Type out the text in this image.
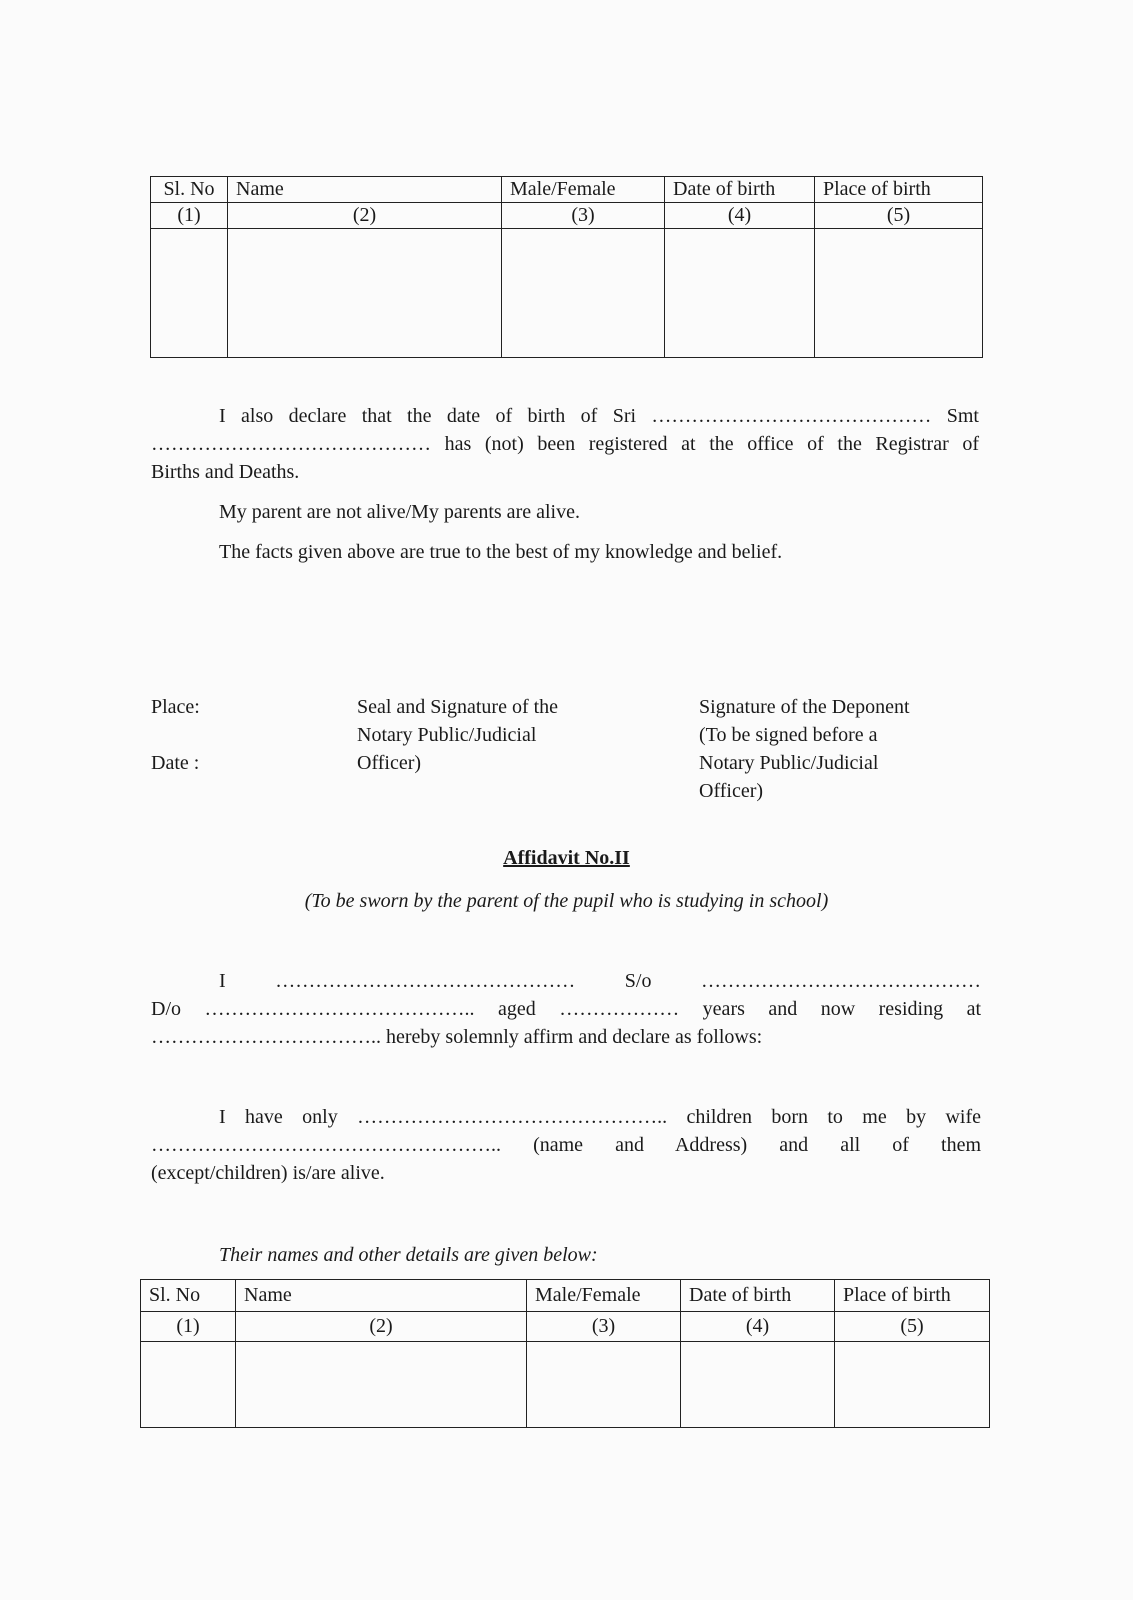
Sl. No	Name	Male/Female	Date of birth	Place of birth
(1)	(2)	(3)	(4)	(5)

I also declare that the date of birth of Sri …………………………………… Smt
…………………………………… has (not) been registered at the office of the Registrar of
Births and Deaths.
My parent are not alive/My parents are alive.
The facts given above are true to the best of my knowledge and belief.
Place:
Date :
Seal and Signature of the
Notary Public/Judicial
Officer)
Signature of the Deponent
(To be signed before a
Notary Public/Judicial
Officer)
Affidavit No.II
(To be sworn by the parent of the pupil who is studying in school)
I ……………………………………… S/o ……………………………………
D/o ………………………………….. aged ……………… years and now residing at
…………………………….. hereby solemnly affirm and declare as follows:
I have only ……………………………………….. children born to me by wife
…………………………………………….. (name and Address) and all of them
(except/children) is/are alive.
Their names and other details are given below:
Sl. No	Name	Male/Female	Date of birth	Place of birth
(1)	(2)	(3)	(4)	(5)
